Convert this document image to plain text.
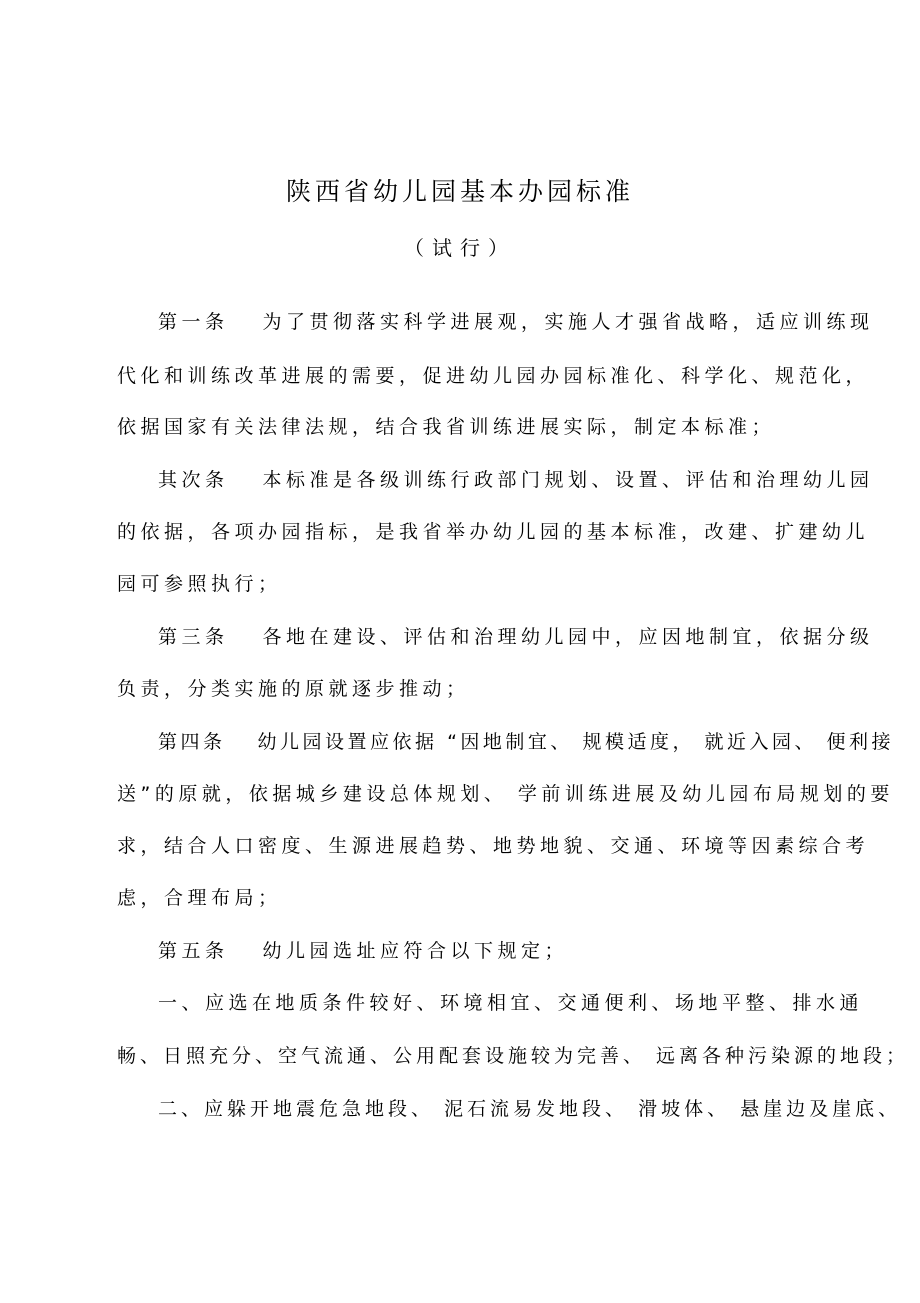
陕西省幼儿园基本办园标准
（试行）
第一条　 为了贯彻落实科学进展观，实施人才强省战略，适应训练现
代化和训练改革进展的需要，促进幼儿园办园标准化、科学化、规范化，
依据国家有关法律法规，结合我省训练进展实际，制定本标准；
其次条　 本标准是各级训练行政部门规划、设置、评估和治理幼儿园
的依据，各项办园指标，是我省举办幼儿园的基本标准，改建、扩建幼儿
园可参照执行；
第三条　 各地在建设、评估和治理幼儿园中，应因地制宜，依据分级
负责，分类实施的原就逐步推动；
第四条　 幼儿园设置应依据 “因地制宜、 规模适度， 就近入园、 便利接
送”的原就，依据城乡建设总体规划、 学前训练进展及幼儿园布局规划的要
求，结合人口密度、生源进展趋势、地势地貌、交通、环境等因素综合考
虑，合理布局；
第五条　 幼儿园选址应符合以下规定；
一、应选在地质条件较好、环境相宜、交通便利、场地平整、排水通
畅、日照充分、空气流通、公用配套设施较为完善、 远离各种污染源的地段；
二、应躲开地震危急地段、 泥石流易发地段、 滑坡体、 悬崖边及崖底、
